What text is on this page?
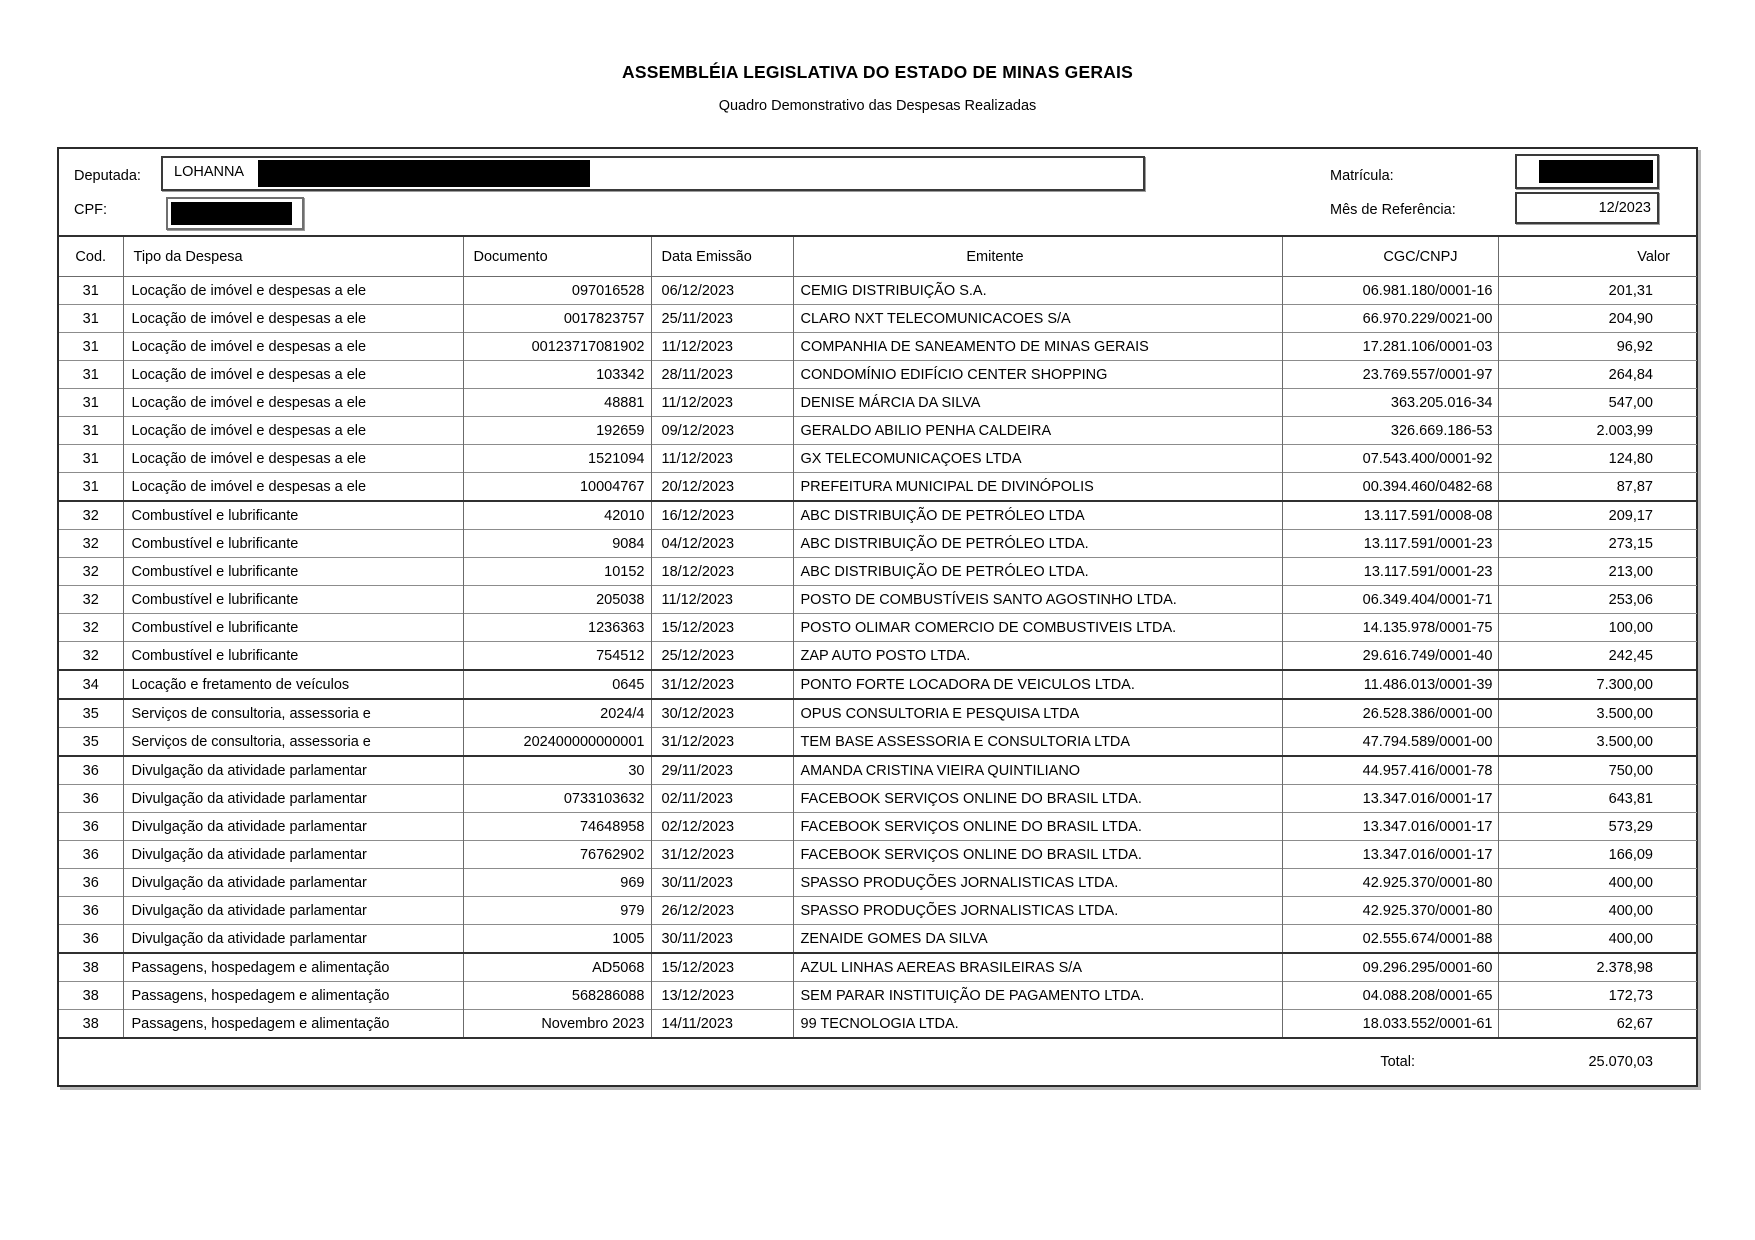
ASSEMBLÉIA LEGISLATIVA DO ESTADO DE MINAS GERAIS
Quadro Demonstrativo das Despesas Realizadas
Deputada: LOHANNA	Matrícula:
CPF:	Mês de Referência:	12/2023
Cod.	Tipo da Despesa	Documento	Data Emissão	Emitente	CGC/CNPJ	Valor
31	Locação de imóvel e despesas a ele	097016528	06/12/2023	CEMIG DISTRIBUIÇÃO S.A.	06.981.180/0001-16	201,31
31	Locação de imóvel e despesas a ele	0017823757	25/11/2023	CLARO NXT TELECOMUNICACOES S/A	66.970.229/0021-00	204,90
31	Locação de imóvel e despesas a ele	00123717081902	11/12/2023	COMPANHIA DE SANEAMENTO DE MINAS GERAIS	17.281.106/0001-03	96,92
31	Locação de imóvel e despesas a ele	103342	28/11/2023	CONDOMÍNIO EDIFÍCIO CENTER SHOPPING	23.769.557/0001-97	264,84
31	Locação de imóvel e despesas a ele	48881	11/12/2023	DENISE MÁRCIA DA SILVA	363.205.016-34	547,00
31	Locação de imóvel e despesas a ele	192659	09/12/2023	GERALDO ABILIO PENHA CALDEIRA	326.669.186-53	2.003,99
31	Locação de imóvel e despesas a ele	1521094	11/12/2023	GX TELECOMUNICAÇOES LTDA	07.543.400/0001-92	124,80
31	Locação de imóvel e despesas a ele	10004767	20/12/2023	PREFEITURA MUNICIPAL DE DIVINÓPOLIS	00.394.460/0482-68	87,87
32	Combustível e lubrificante	42010	16/12/2023	ABC DISTRIBUIÇÃO DE PETRÓLEO LTDA	13.117.591/0008-08	209,17
32	Combustível e lubrificante	9084	04/12/2023	ABC DISTRIBUIÇÃO DE PETRÓLEO LTDA.	13.117.591/0001-23	273,15
32	Combustível e lubrificante	10152	18/12/2023	ABC DISTRIBUIÇÃO DE PETRÓLEO LTDA.	13.117.591/0001-23	213,00
32	Combustível e lubrificante	205038	11/12/2023	POSTO DE COMBUSTÍVEIS SANTO AGOSTINHO LTDA.	06.349.404/0001-71	253,06
32	Combustível e lubrificante	1236363	15/12/2023	POSTO OLIMAR COMERCIO DE COMBUSTIVEIS LTDA.	14.135.978/0001-75	100,00
32	Combustível e lubrificante	754512	25/12/2023	ZAP AUTO POSTO LTDA.	29.616.749/0001-40	242,45
34	Locação e fretamento de veículos	0645	31/12/2023	PONTO FORTE LOCADORA DE VEICULOS LTDA.	11.486.013/0001-39	7.300,00
35	Serviços de consultoria, assessoria e	2024/4	30/12/2023	OPUS CONSULTORIA E PESQUISA LTDA	26.528.386/0001-00	3.500,00
35	Serviços de consultoria, assessoria e	202400000000001	31/12/2023	TEM BASE ASSESSORIA E CONSULTORIA LTDA	47.794.589/0001-00	3.500,00
36	Divulgação da atividade parlamentar	30	29/11/2023	AMANDA CRISTINA VIEIRA QUINTILIANO	44.957.416/0001-78	750,00
36	Divulgação da atividade parlamentar	0733103632	02/11/2023	FACEBOOK SERVIÇOS ONLINE DO BRASIL LTDA.	13.347.016/0001-17	643,81
36	Divulgação da atividade parlamentar	74648958	02/12/2023	FACEBOOK SERVIÇOS ONLINE DO BRASIL LTDA.	13.347.016/0001-17	573,29
36	Divulgação da atividade parlamentar	76762902	31/12/2023	FACEBOOK SERVIÇOS ONLINE DO BRASIL LTDA.	13.347.016/0001-17	166,09
36	Divulgação da atividade parlamentar	969	30/11/2023	SPASSO PRODUÇÕES JORNALISTICAS LTDA.	42.925.370/0001-80	400,00
36	Divulgação da atividade parlamentar	979	26/12/2023	SPASSO PRODUÇÕES JORNALISTICAS LTDA.	42.925.370/0001-80	400,00
36	Divulgação da atividade parlamentar	1005	30/11/2023	ZENAIDE GOMES DA SILVA	02.555.674/0001-88	400,00
38	Passagens, hospedagem e alimentação	AD5068	15/12/2023	AZUL LINHAS AEREAS BRASILEIRAS S/A	09.296.295/0001-60	2.378,98
38	Passagens, hospedagem e alimentação	568286088	13/12/2023	SEM PARAR INSTITUIÇÃO DE PAGAMENTO LTDA.	04.088.208/0001-65	172,73
38	Passagens, hospedagem e alimentação	Novembro 2023	14/11/2023	99 TECNOLOGIA LTDA.	18.033.552/0001-61	62,67
Total:						25.070,03
